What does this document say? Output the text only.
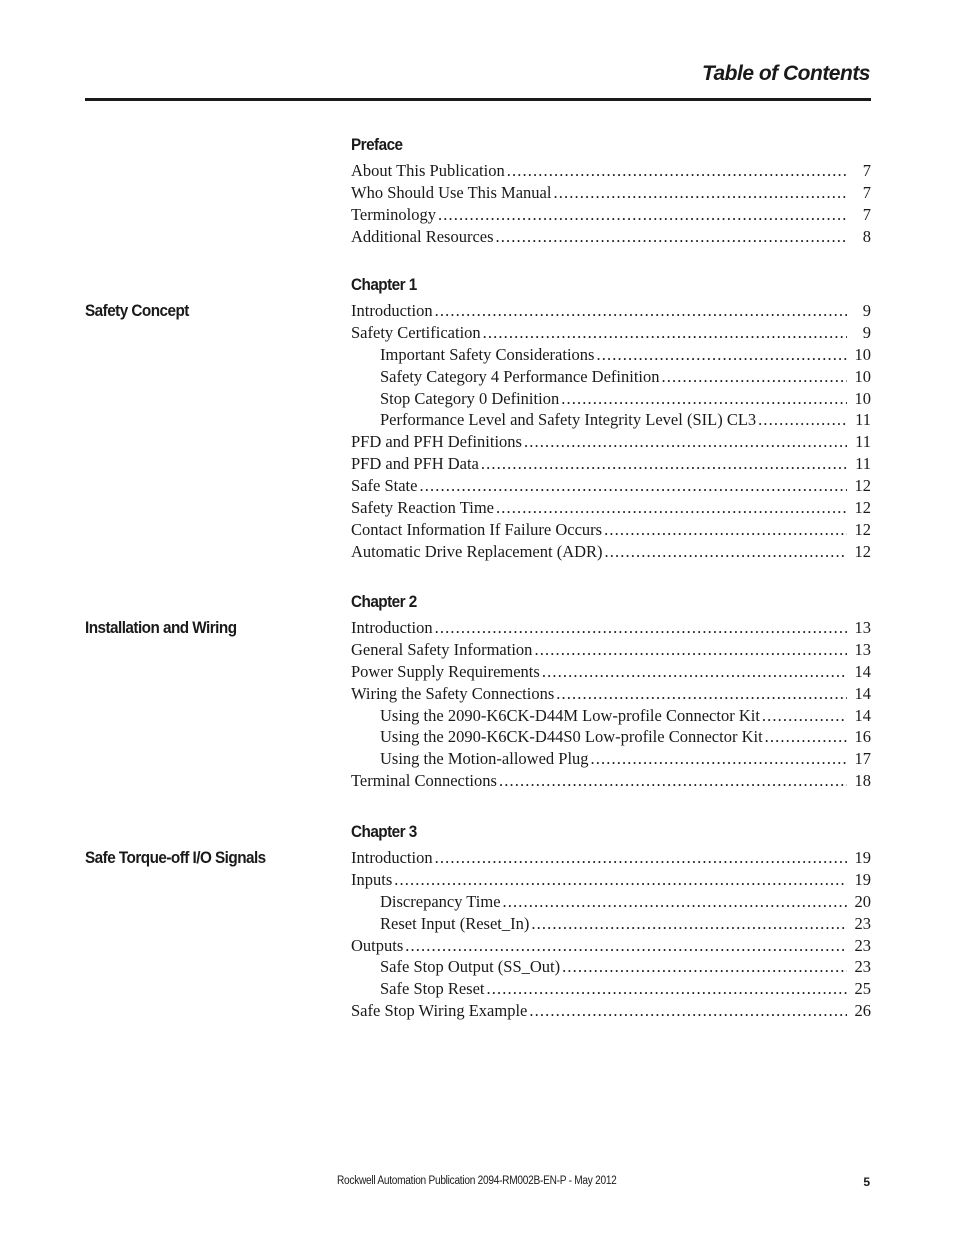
Table of Contents
Preface
About This Publication . . .	7
Who Should Use This Manual . . .	7
Terminology . . .	7
Additional Resources . . .	8
Chapter 1
Safety Concept	Introduction . . .	9
Safety Certification . . .	9
Important Safety Considerations . . .	10
Safety Category 4 Performance Definition . . .	10
Stop Category 0 Definition . . .	10
Performance Level and Safety Integrity Level (SIL) CL3 . . .	11
PFD and PFH Definitions . . .	11
PFD and PFH Data . . .	11
Safe State . . .	12
Safety Reaction Time . . .	12
Contact Information If Failure Occurs . . .	12
Automatic Drive Replacement (ADR) . . .	12
Chapter 2
Installation and Wiring	Introduction . . .	13
General Safety Information . . .	13
Power Supply Requirements . . .	14
Wiring the Safety Connections . . .	14
Using the 2090-K6CK-D44M Low-profile Connector Kit . . .	14
Using the 2090-K6CK-D44S0 Low-profile Connector Kit . . .	16
Using the Motion-allowed Plug . . .	17
Terminal Connections . . .	18
Chapter 3
Safe Torque-off I/O Signals	Introduction . . .	19
Inputs . . .	19
Discrepancy Time . . .	20
Reset Input (Reset_In) . . .	23
Outputs . . .	23
Safe Stop Output (SS_Out) . . .	23
Safe Stop Reset . . .	25
Safe Stop Wiring Example . . .	26
Rockwell Automation Publication 2094-RM002B-EN-P - May 2012	5
